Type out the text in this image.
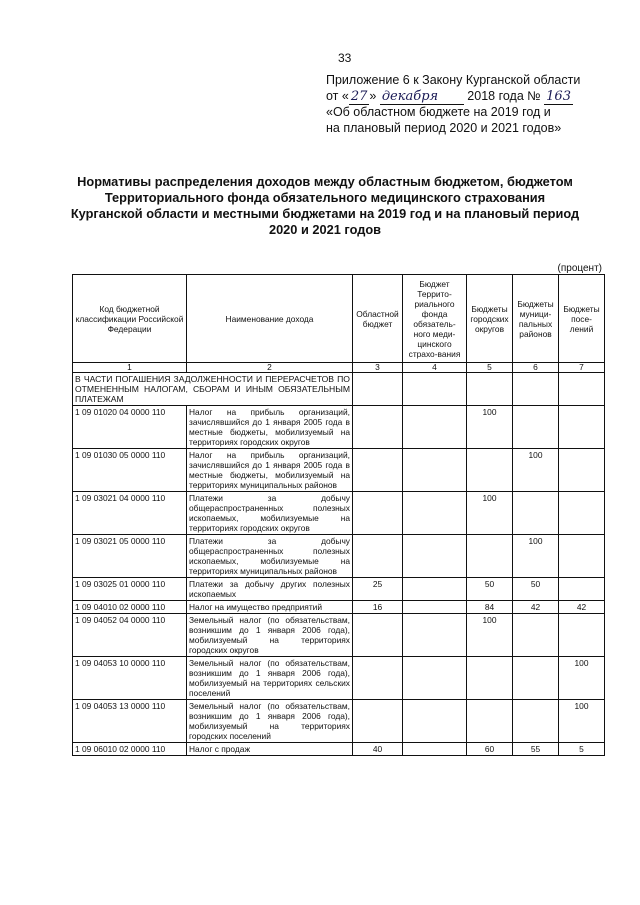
33
Приложение 6 к Закону Курганской области
от « 27 » декабря 2018 года № 163
«Об областном бюджете на 2019 год и
на плановый период 2020 и 2021 годов»
Нормативы распределения доходов между областным бюджетом, бюджетом Территориального фонда обязательного медицинского страхования Курганской области и местными бюджетами на 2019 год и на плановый период 2020 и 2021 годов
(процент)
Код бюджетной классификации Российской Федерации	Наименование дохода	Областной бюджет	Бюджет Террито-риального фонда обязатель-ного меди-цинского страхо-вания	Бюджеты городских округов	Бюджеты муници-пальных районов	Бюджеты посе-лений
1	2	3	4	5	6	7
В ЧАСТИ ПОГАШЕНИЯ ЗАДОЛЖЕННОСТИ И ПЕРЕРАСЧЕТОВ ПО ОТМЕНЕННЫМ НАЛОГАМ, СБОРАМ И ИНЫМ ОБЯЗАТЕЛЬНЫМ ПЛАТЕЖАМ						
1 09 01020 04 0000 110	Налог на прибыль организаций, зачислявшийся до 1 января 2005 года в местные бюджеты, мобилизуемый на территориях городских округов			100		
1 09 01030 05 0000 110	Налог на прибыль организаций, зачислявшийся до 1 января 2005 года в местные бюджеты, мобилизуемый на территориях муниципальных районов				100	
1 09 03021 04 0000 110	Платежи за добычу общераспространенных полезных ископаемых, мобилизуемые на территориях городских округов			100		
1 09 03021 05 0000 110	Платежи за добычу общераспространенных полезных ископаемых, мобилизуемые на территориях муниципальных районов				100	
1 09 03025 01 0000 110	Платежи за добычу других полезных ископаемых	25		50	50	
1 09 04010 02 0000 110	Налог на имущество предприятий	16		84	42	42
1 09 04052 04 0000 110	Земельный налог (по обязательствам, возникшим до 1 января 2006 года), мобилизуемый на территориях городских округов			100		
1 09 04053 10 0000 110	Земельный налог (по обязательствам, возникшим до 1 января 2006 года), мобилизуемый на территориях сельских поселений					100
1 09 04053 13 0000 110	Земельный налог (по обязательствам, возникшим до 1 января 2006 года), мобилизуемый на территориях городских поселений					100
1 09 06010 02 0000 110	Налог с продаж	40		60	55	5
